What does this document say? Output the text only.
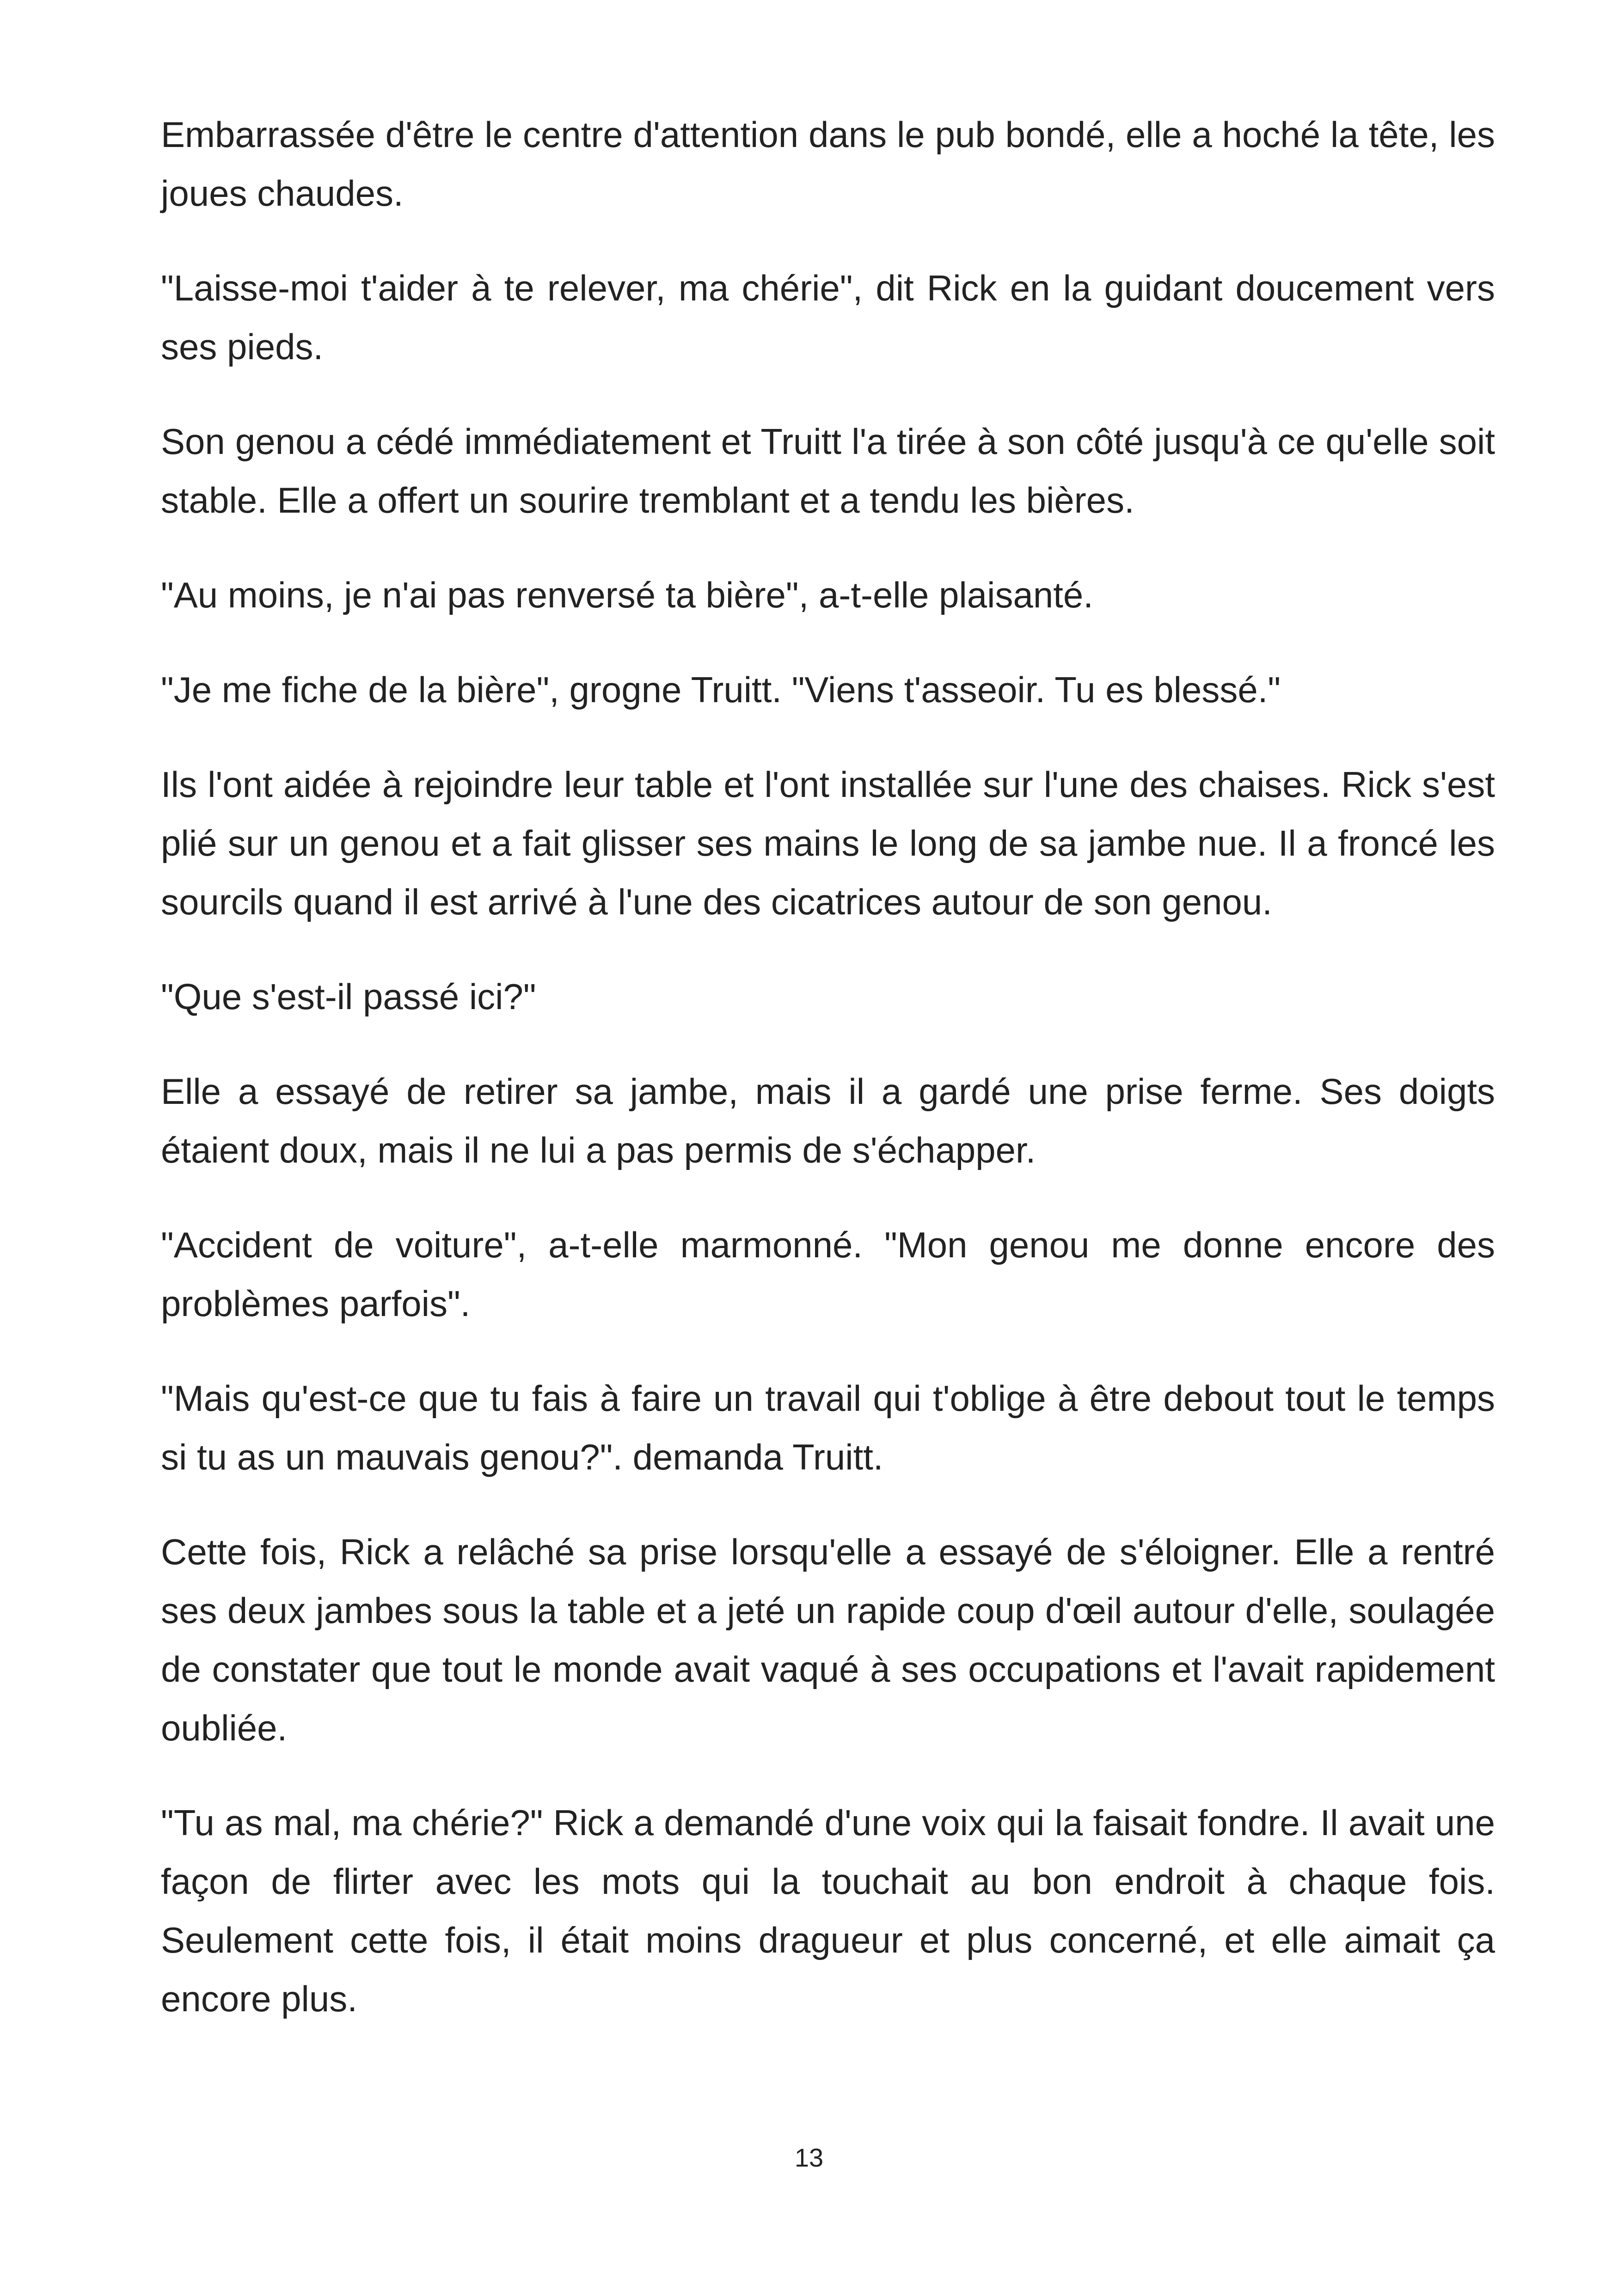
Embarrassée d'être le centre d'attention dans le pub bondé, elle a hoché la tête, les joues chaudes.

"Laisse-moi t'aider à te relever, ma chérie", dit Rick en la guidant doucement vers ses pieds.

Son genou a cédé immédiatement et Truitt l'a tirée à son côté jusqu'à ce qu'elle soit stable. Elle a offert un sourire tremblant et a tendu les bières.

"Au moins, je n'ai pas renversé ta bière", a-t-elle plaisanté.

"Je me fiche de la bière", grogne Truitt. "Viens t'asseoir. Tu es blessé."

Ils l'ont aidée à rejoindre leur table et l'ont installée sur l'une des chaises. Rick s'est plié sur un genou et a fait glisser ses mains le long de sa jambe nue. Il a froncé les sourcils quand il est arrivé à l'une des cicatrices autour de son genou.

"Que s'est-il passé ici?"

Elle a essayé de retirer sa jambe, mais il a gardé une prise ferme. Ses doigts étaient doux, mais il ne lui a pas permis de s'échapper.

"Accident de voiture", a-t-elle marmonné. "Mon genou me donne encore des problèmes parfois".

"Mais qu'est-ce que tu fais à faire un travail qui t'oblige à être debout tout le temps si tu as un mauvais genou?". demanda Truitt.

Cette fois, Rick a relâché sa prise lorsqu'elle a essayé de s'éloigner. Elle a rentré ses deux jambes sous la table et a jeté un rapide coup d'œil autour d'elle, soulagée de constater que tout le monde avait vaqué à ses occupations et l'avait rapidement oubliée.

"Tu as mal, ma chérie?" Rick a demandé d'une voix qui la faisait fondre. Il avait une façon de flirter avec les mots qui la touchait au bon endroit à chaque fois. Seulement cette fois, il était moins dragueur et plus concerné, et elle aimait ça encore plus.

13
